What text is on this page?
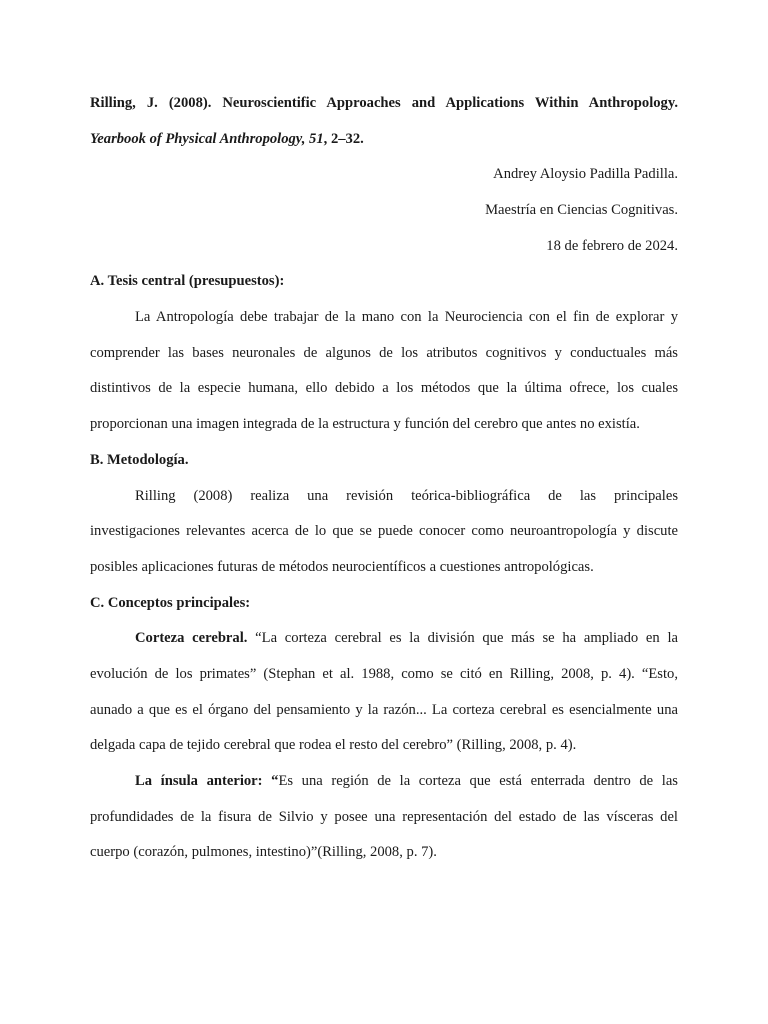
Rilling, J. (2008). Neuroscientific Approaches and Applications Within Anthropology.
Yearbook of Physical Anthropology, 51, 2–32.
Andrey Aloysio Padilla Padilla.
Maestría en Ciencias Cognitivas.
18 de febrero de 2024.
A. Tesis central (presupuestos):
La Antropología debe trabajar de la mano con la Neurociencia con el fin de explorar y
comprender las bases neuronales de algunos de los atributos cognitivos y conductuales más
distintivos de la especie humana, ello debido a los métodos que la última ofrece, los cuales
proporcionan una imagen integrada de la estructura y función del cerebro que antes no existía.
B. Metodología.
Rilling (2008) realiza una revisión teórica-bibliográfica de las principales
investigaciones relevantes acerca de lo que se puede conocer como neuroantropología y discute
posibles aplicaciones futuras de métodos neurocientíficos a cuestiones antropológicas.
C. Conceptos principales:
Corteza cerebral. “La corteza cerebral es la división que más se ha ampliado en la
evolución de los primates” (Stephan et al. 1988, como se citó en Rilling, 2008, p. 4). “Esto,
aunado a que es el órgano del pensamiento y la razón... La corteza cerebral es esencialmente una
delgada capa de tejido cerebral que rodea el resto del cerebro” (Rilling, 2008, p. 4).
La ínsula anterior: “Es una región de la corteza que está enterrada dentro de las
profundidades de la fisura de Silvio y posee una representación del estado de las vísceras del
cuerpo (corazón, pulmones, intestino)”(Rilling, 2008, p. 7).
